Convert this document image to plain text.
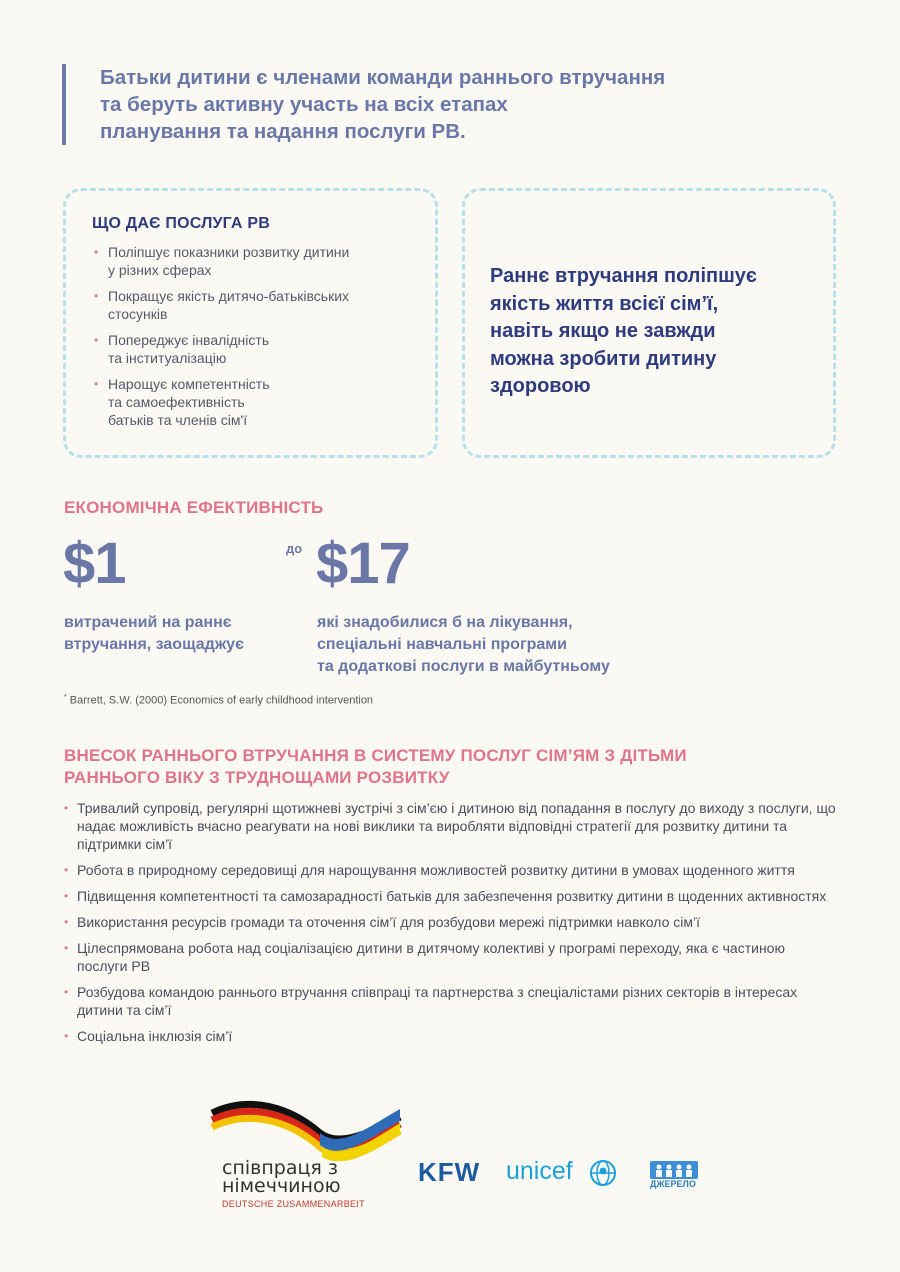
Батьки дитини є членами команди раннього втручання
та беруть активну участь на всіх етапах
планування та надання послуги РВ.
ЩО ДАЄ ПОСЛУГА РВ
• Поліпшує показники розвитку дитини
у різних сферах
• Покращує якість дитячо-батьківських
стосунків
• Попереджує інвалідність
та інституалізацію
• Нарощує компетентність
та самоефективність
батьків та членів сім'ї
Раннє втручання поліпшує
якість життя всієї сім’ї,
навіть якщо не завжди
можна зробити дитину
здоровою
ЕКОНОМІЧНА ЕФЕКТИВНІСТЬ
$1	до $17
витрачений на раннє
втручання, заощаджує
які знадобилися б на лікування,
спеціальні навчальні програми
та додаткові послуги в майбутньому
* Barrett, S.W. (2000) Economics of early childhood intervention
ВНЕСОК РАННЬОГО ВТРУЧАННЯ В СИСТЕМУ ПОСЛУГ СІМ’ЯМ З ДІТЬМИ
РАННЬОГО ВІКУ З ТРУДНОЩАМИ РОЗВИТКУ
• Тривалий супровід, регулярні щотижневі зустрічі з сім’єю і дитиною від попадання в послугу до виходу з послуги, що надає можливість вчасно реагувати на нові виклики та виробляти відповідні стратегії для розвитку дитини та підтримки сім’ї
• Робота в природному середовищі для нарощування можливостей розвитку дитини в умовах щоденного життя
• Підвищення компетентності та самозарадності батьків для забезпечення розвитку дитини в щоденних активностях
• Використання ресурсів громади та оточення сім’ї для розбудови мережі підтримки навколо сім’ї
• Цілеспрямована робота над соціалізацією дитини в дитячому колективі у програмі переходу, яка є частиною послуги РВ
• Розбудова командою раннього втручання співпраці та партнерства з спеціалістами різних секторів в інтересах дитини та сім’ї
• Соціальна інклюзія сім’ї
співпраця з
німеччиною
DEUTSCHE ZUSAMMENARBEIT
KFW unicef	ДЖЕРЕЛО
